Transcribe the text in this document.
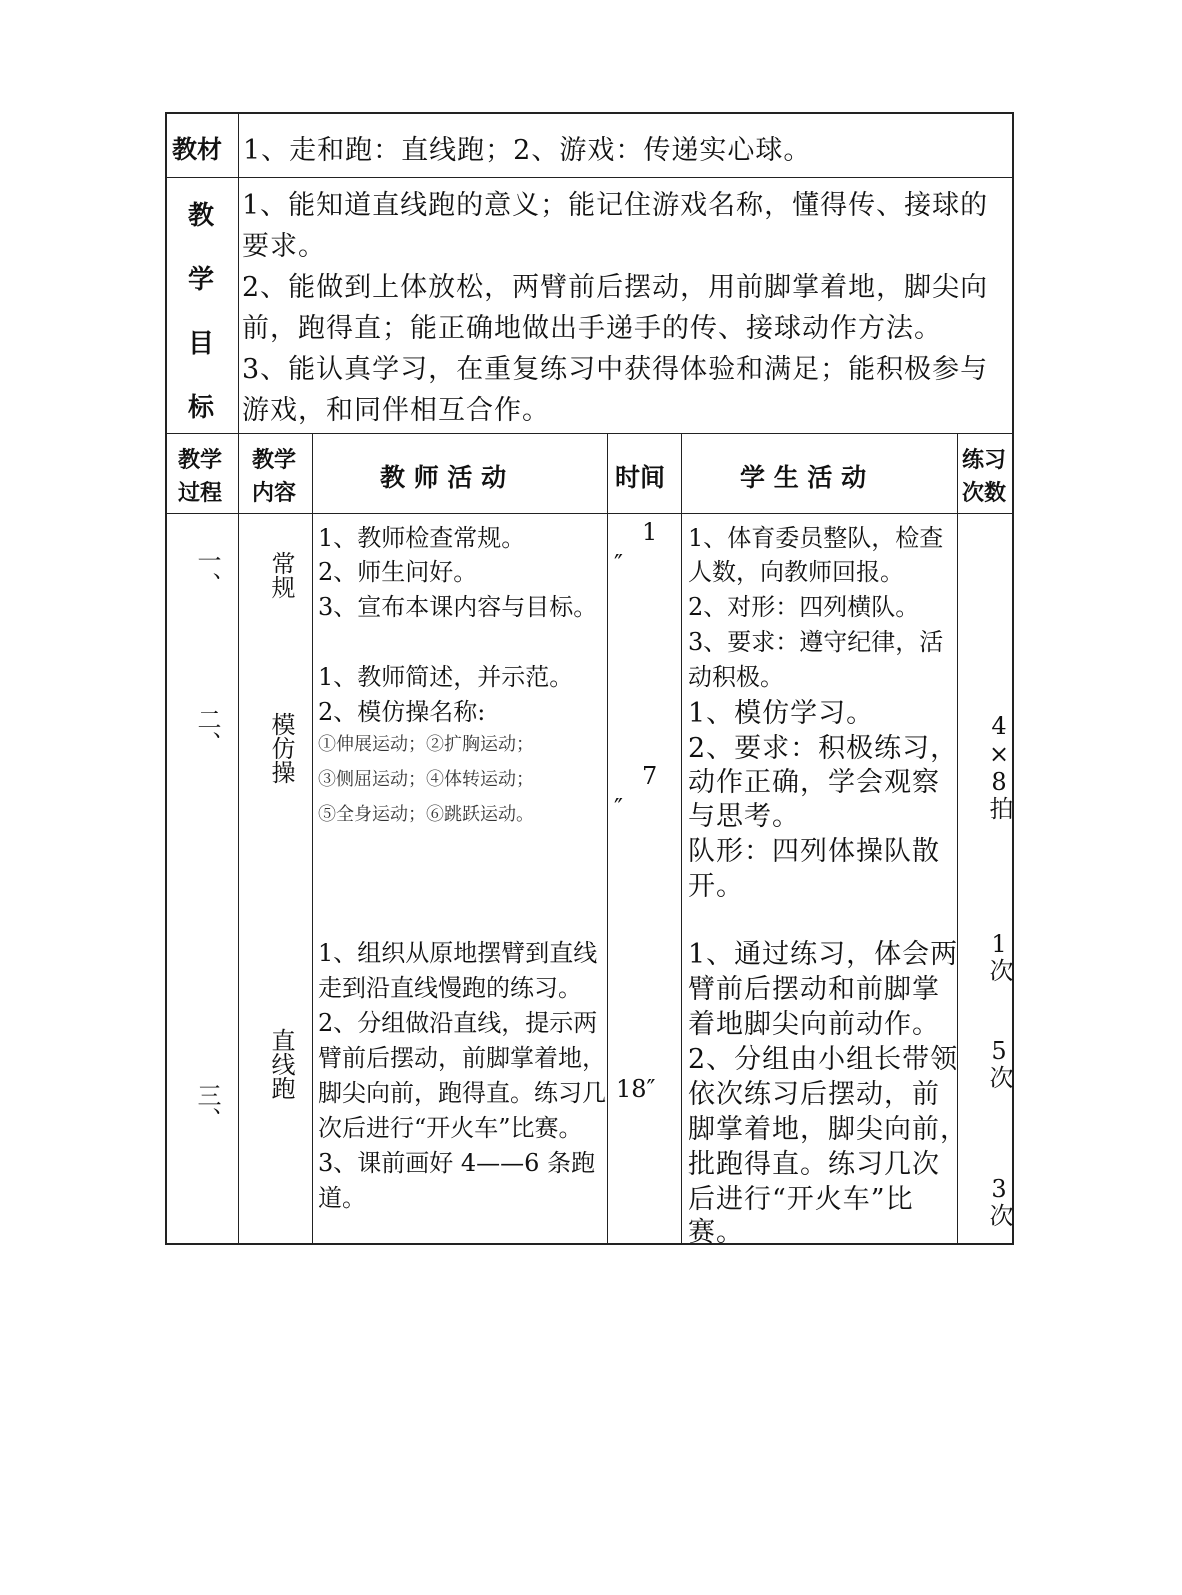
教材 1、走和跑：直线跑；2、游戏：传递实心球。
教
学
目
标
1、能知道直线跑的意义；能记住游戏名称，懂得传、接球的
要求。
2、能做到上体放松，两臂前后摆动，用前脚掌着地，脚尖向
前，跑得直；能正确地做出手递手的传、接球动作方法。
3、能认真学习，在重复练习中获得体验和满足；能积极参与
游戏，和同伴相互合作。
教学
过程
教学
内容
教 师 活 动	时间	学 生 活 动
练习
次数
一、 常规
1、教师检查常规。
2、师生问好。
3、宣布本课内容与目标。
1
″
1、体育委员整队，检查
人数，向教师回报。
2、对形：四列横队。
3、要求：遵守纪律，活
动积极。
二、 模仿操
1、教师简述，并示范。
2、模仿操名称:
①伸展运动；②扩胸运动；
③侧屈运动；④体转运动；
⑤全身运动；⑥跳跃运动。
7
″
1、模仿学习。
2、要求：积极练习，
动作正确，学会观察
与思考。
队形：四列体操队散
开。
4×8拍
三、
直线跑
1、组织从原地摆臂到直线
走到沿直线慢跑的练习。
2、分组做沿直线，提示两
臂前后摆动，前脚掌着地，
脚尖向前，跑得直。练习几
次后进行“开火车”比赛。
3、课前画好 4——6 条跑
道。
18″
1、通过练习，体会两
臂前后摆动和前脚掌
着地脚尖向前动作。
2、分组由小组长带领
依次练习后摆动，前
脚掌着地，脚尖向前，
批跑得直。练习几次
后进行“开火车”比
赛。
1次
5次
3次
